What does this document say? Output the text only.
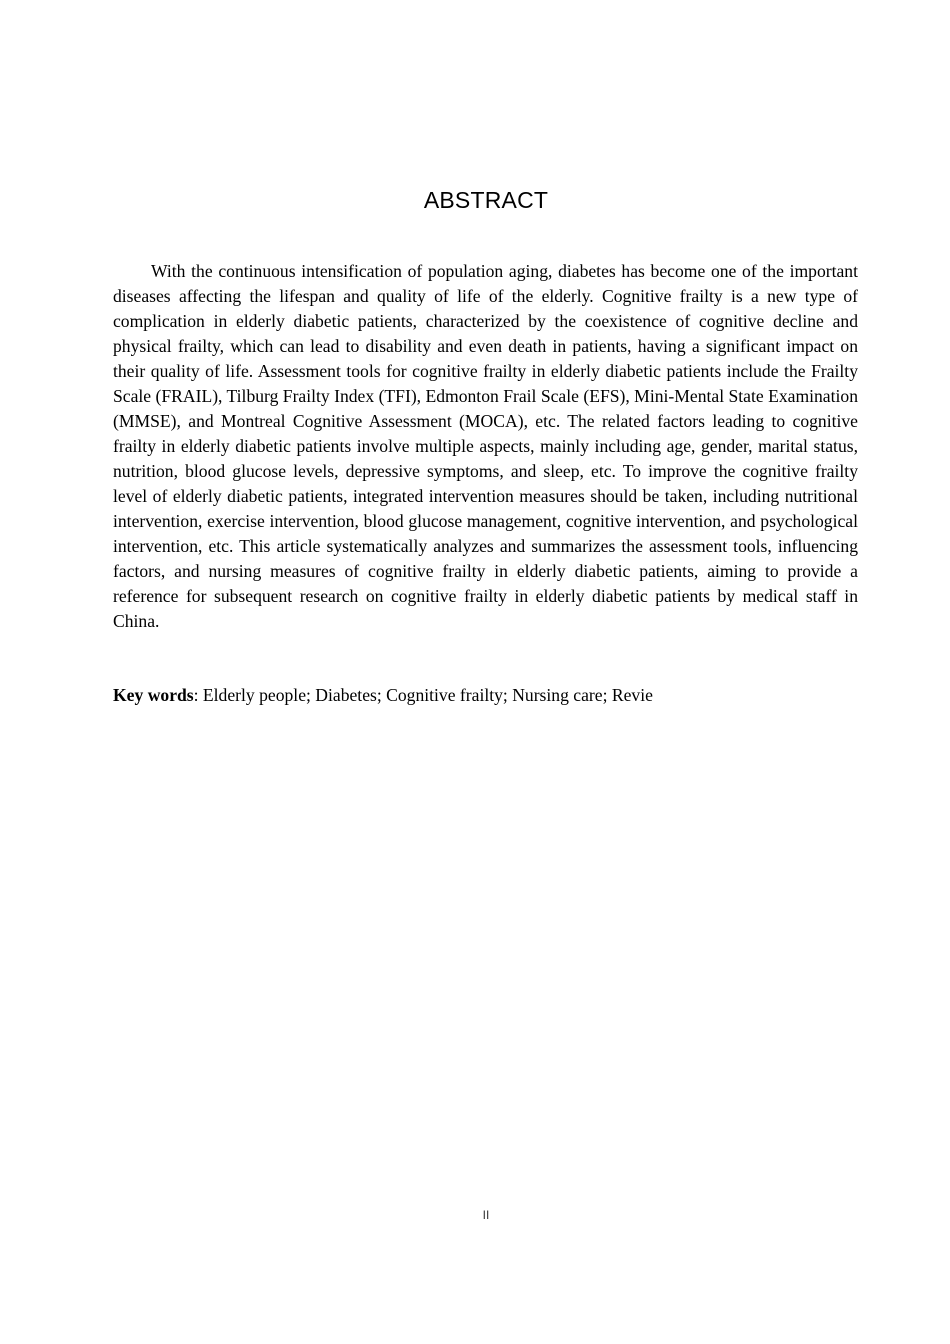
ABSTRACT

With the continuous intensification of population aging, diabetes has become one of the important diseases affecting the lifespan and quality of life of the elderly. Cognitive frailty is a new type of complication in elderly diabetic patients, characterized by the coexistence of cognitive decline and physical frailty, which can lead to disability and even death in patients, having a significant impact on their quality of life. Assessment tools for cognitive frailty in elderly diabetic patients include the Frailty Scale (FRAIL), Tilburg Frailty Index (TFI), Edmonton Frail Scale (EFS), Mini-Mental State Examination (MMSE), and Montreal Cognitive Assessment (MOCA), etc. The related factors leading to cognitive frailty in elderly diabetic patients involve multiple aspects, mainly including age, gender, marital status, nutrition, blood glucose levels, depressive symptoms, and sleep, etc. To improve the cognitive frailty level of elderly diabetic patients, integrated intervention measures should be taken, including nutritional intervention, exercise intervention, blood glucose management, cognitive intervention, and psychological intervention, etc. This article systematically analyzes and summarizes the assessment tools, influencing factors, and nursing measures of cognitive frailty in elderly diabetic patients, aiming to provide a reference for subsequent research on cognitive frailty in elderly diabetic patients by medical staff in China.

Key words: Elderly people; Diabetes; Cognitive frailty; Nursing care; Revie

II
